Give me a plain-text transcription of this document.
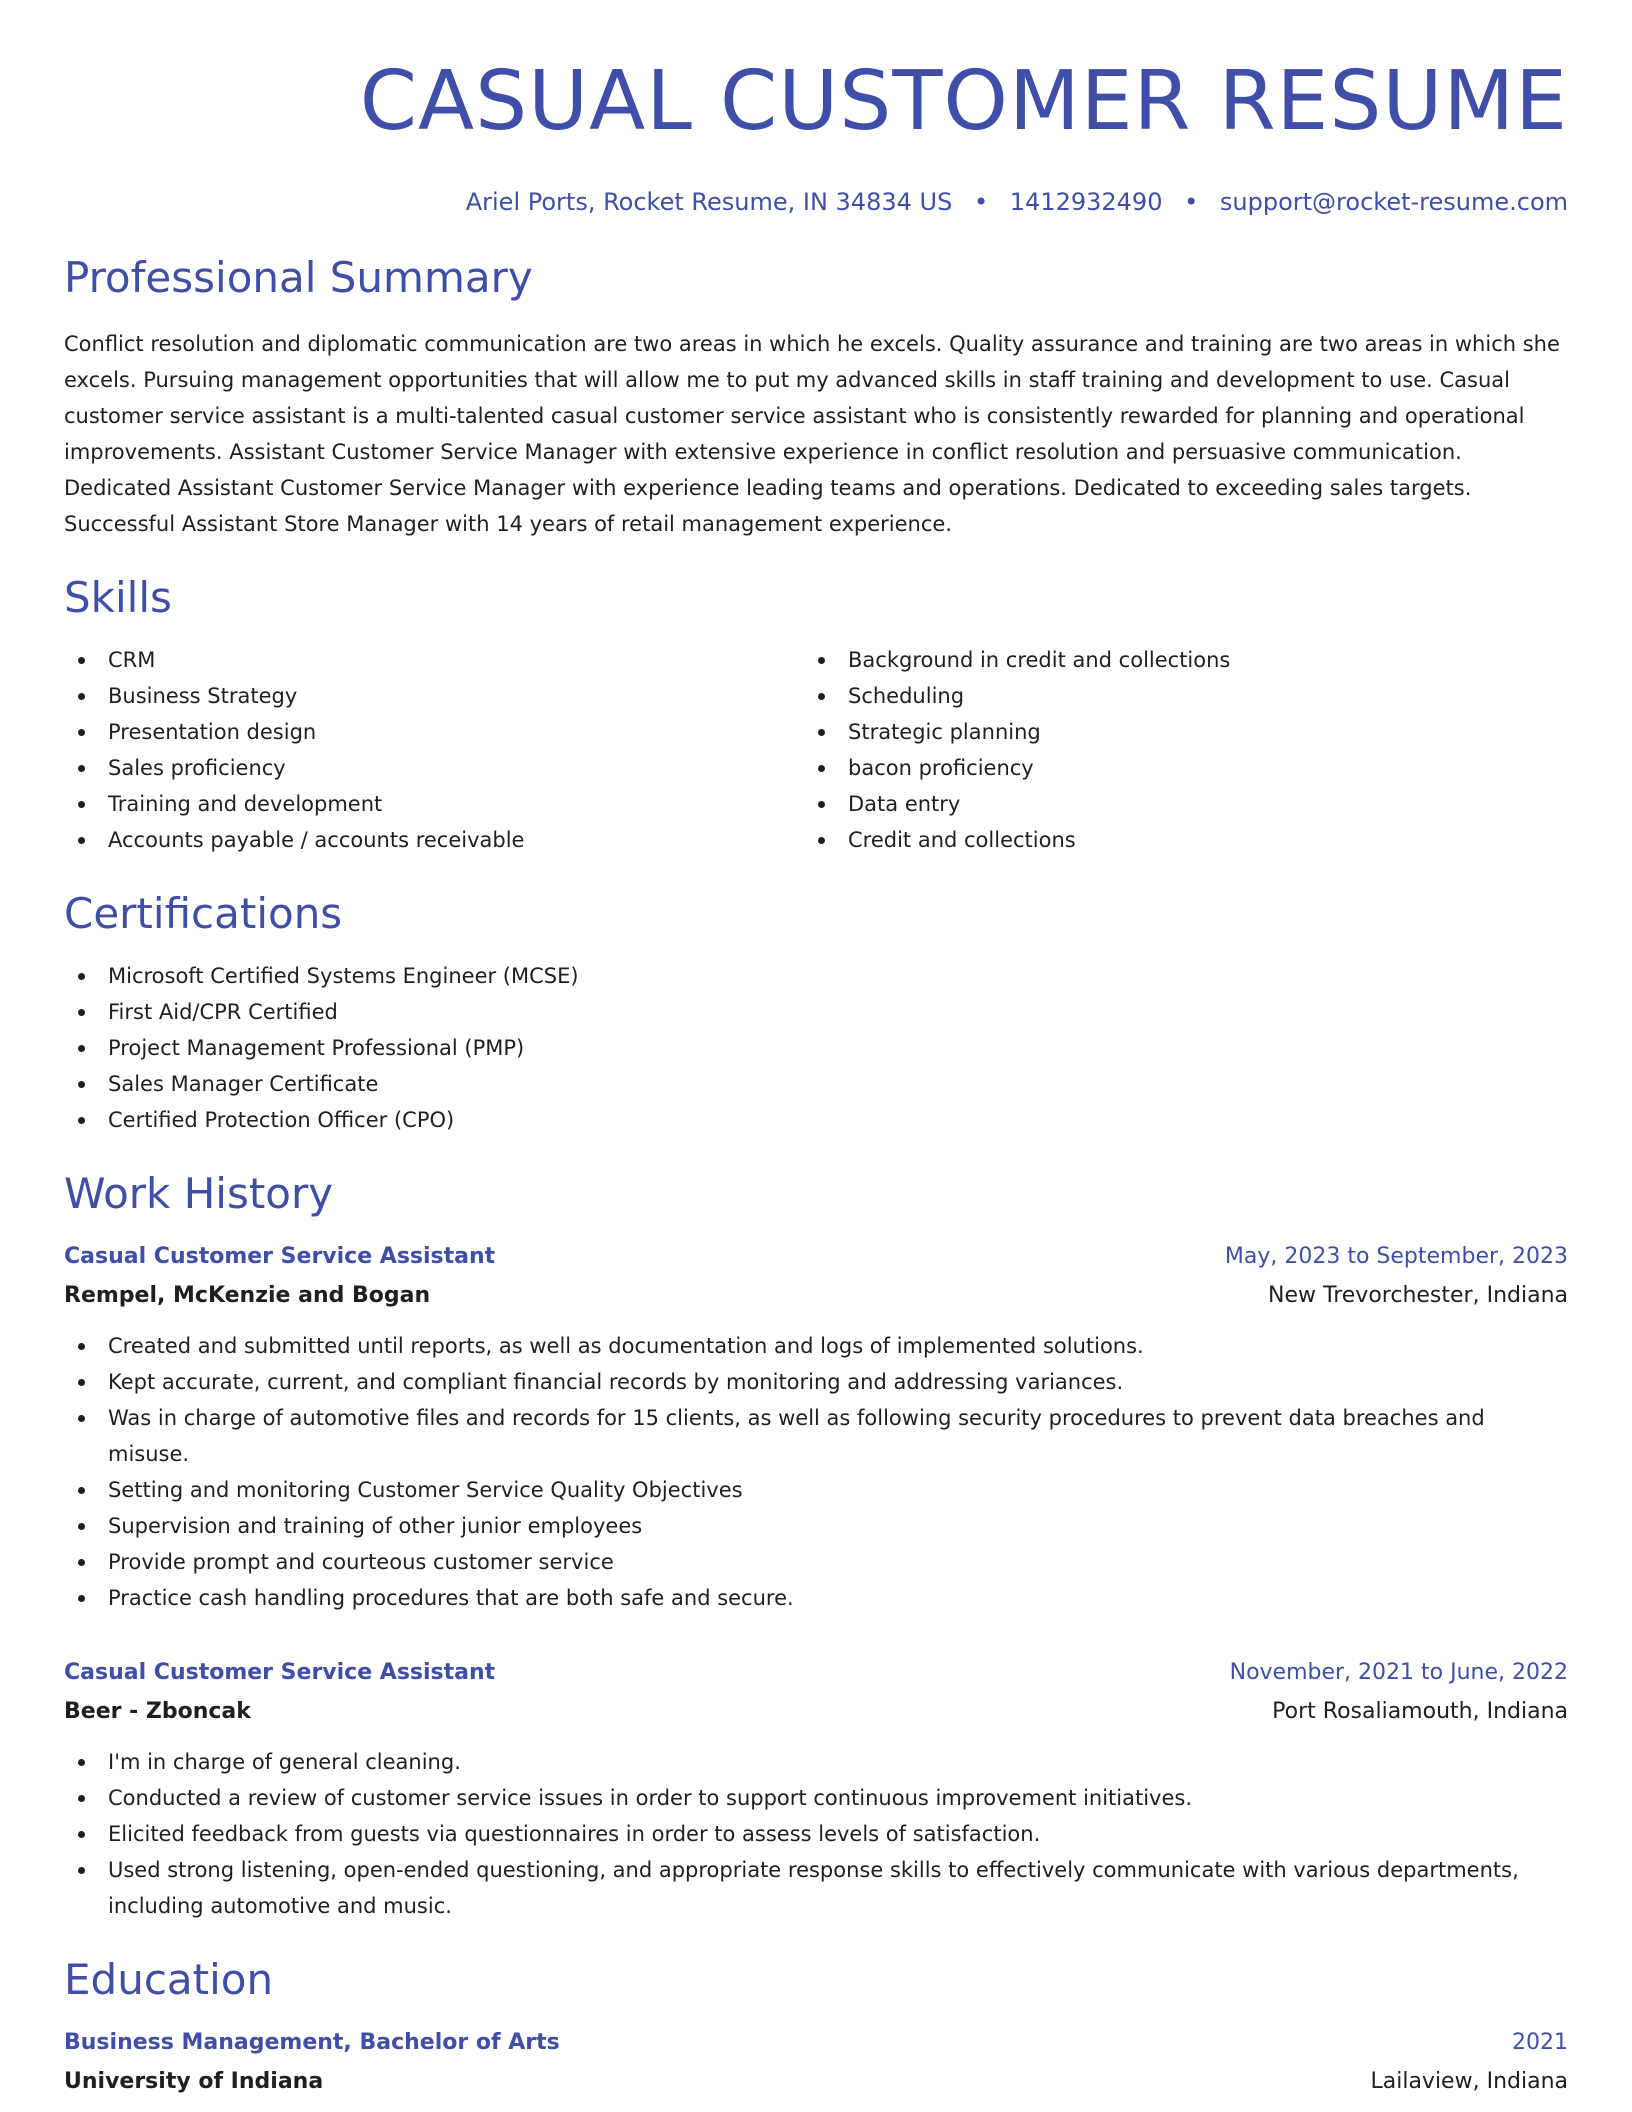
CASUAL CUSTOMER RESUME
Ariel Ports, Rocket Resume, IN 34834 US • 1412932490 • support@rocket-resume.com
Professional Summary

Conflict resolution and diplomatic communication are two areas in which he excels. Quality assurance and training are two areas in which she excels. Pursuing management opportunities that will allow me to put my advanced skills in staff training and development to use. Casual customer service assistant is a multi-talented casual customer service assistant who is consistently rewarded for planning and operational improvements. Assistant Customer Service Manager with extensive experience in conflict resolution and persuasive communication. Dedicated Assistant Customer Service Manager with experience leading teams and operations. Dedicated to exceeding sales targets. Successful Assistant Store Manager with 14 years of retail management experience.

Skills
CRM
Business Strategy
Presentation design
Sales proficiency
Training and development
Accounts payable / accounts receivable
Background in credit and collections
Scheduling
Strategic planning
bacon proficiency
Data entry
Credit and collections
Certifications
Microsoft Certified Systems Engineer (MCSE)
First Aid/CPR Certified
Project Management Professional (PMP)
Sales Manager Certificate
Certified Protection Officer (CPO)
Work History
Casual Customer Service Assistant	May, 2023 to September, 2023
Rempel, McKenzie and Bogan	New Trevorchester, Indiana
Created and submitted until reports, as well as documentation and logs of implemented solutions.
Kept accurate, current, and compliant financial records by monitoring and addressing variances.
Was in charge of automotive files and records for 15 clients, as well as following security procedures to prevent data breaches and misuse.
Setting and monitoring Customer Service Quality Objectives
Supervision and training of other junior employees
Provide prompt and courteous customer service
Practice cash handling procedures that are both safe and secure.
Casual Customer Service Assistant	November, 2021 to June, 2022
Beer - Zboncak	Port Rosaliamouth, Indiana
I'm in charge of general cleaning.
Conducted a review of customer service issues in order to support continuous improvement initiatives.
Elicited feedback from guests via questionnaires in order to assess levels of satisfaction.
Used strong listening, open-ended questioning, and appropriate response skills to effectively communicate with various departments, including automotive and music.
Education
Business Management, Bachelor of Arts	2021
University of Indiana	Lailaview, Indiana
